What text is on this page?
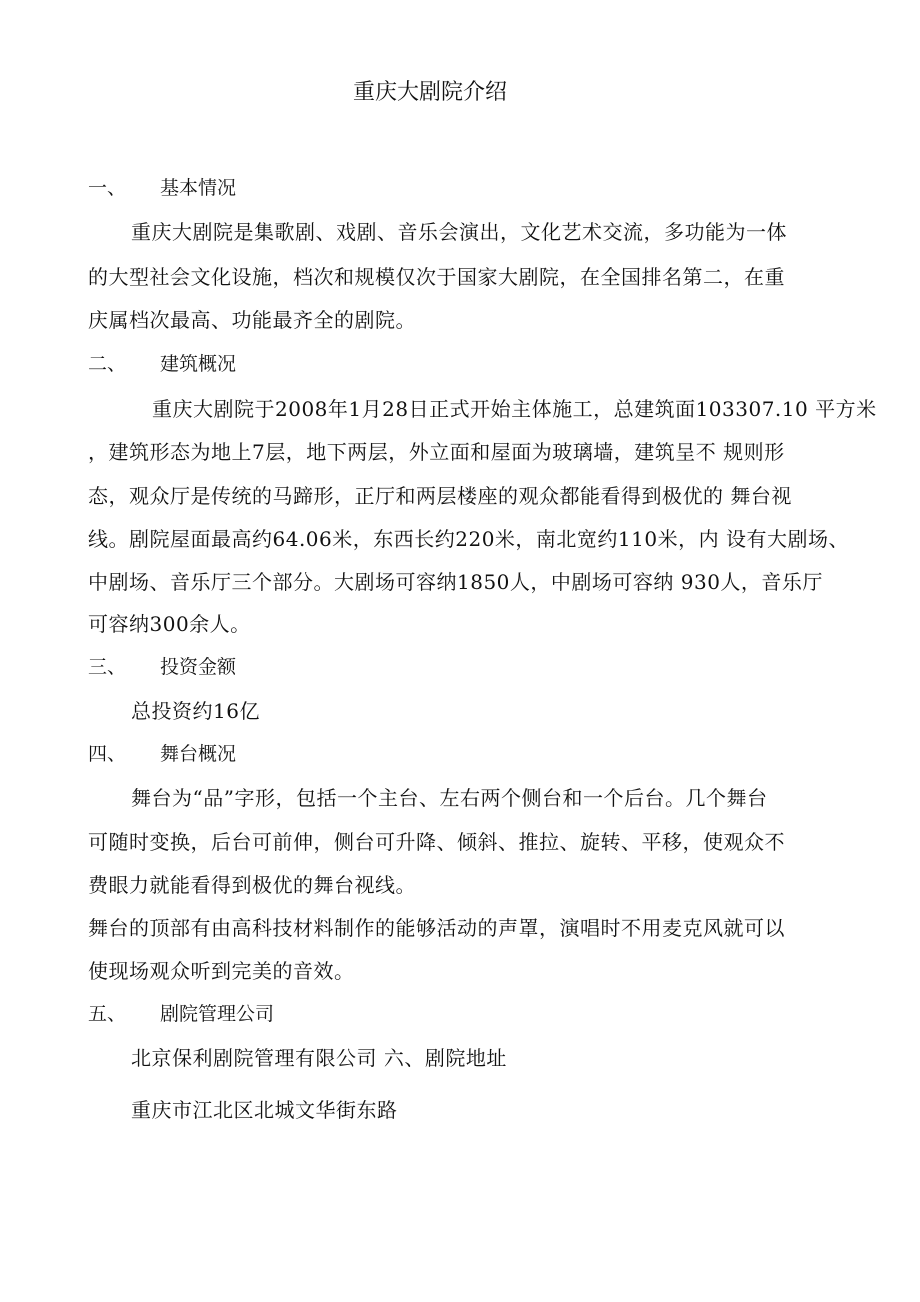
重庆大剧院介绍
一、 基本情况
重庆大剧院是集歌剧、戏剧、音乐会演出，文化艺术交流，多功能为一体
的大型社会文化设施，档次和规模仅次于国家大剧院，在全国排名第二，在重
庆属档次最高、功能最齐全的剧院。
二、 建筑概况
重庆大剧院于2008年1月28日正式开始主体施工，总建筑面103307.10 平方米
，建筑形态为地上7层，地下两层，外立面和屋面为玻璃墙，建筑呈不 规则形
态，观众厅是传统的马蹄形，正厅和两层楼座的观众都能看得到极优的 舞台视
线。剧院屋面最高约64.06米，东西长约220米，南北宽约110米，内 设有大剧场、
中剧场、音乐厅三个部分。大剧场可容纳1850人，中剧场可容纳 930人，音乐厅
可容纳300余人。
三、 投资金额
总投资约16亿
四、 舞台概况
舞台为“品”字形，包括一个主台、左右两个侧台和一个后台。几个舞台
可随时变换，后台可前伸，侧台可升降、倾斜、推拉、旋转、平移，使观众不
费眼力就能看得到极优的舞台视线。
舞台的顶部有由高科技材料制作的能够活动的声罩，演唱时不用麦克风就可以
使现场观众听到完美的音效。
五、 剧院管理公司
北京保利剧院管理有限公司 六、剧院地址
重庆市江北区北城文华街东路
